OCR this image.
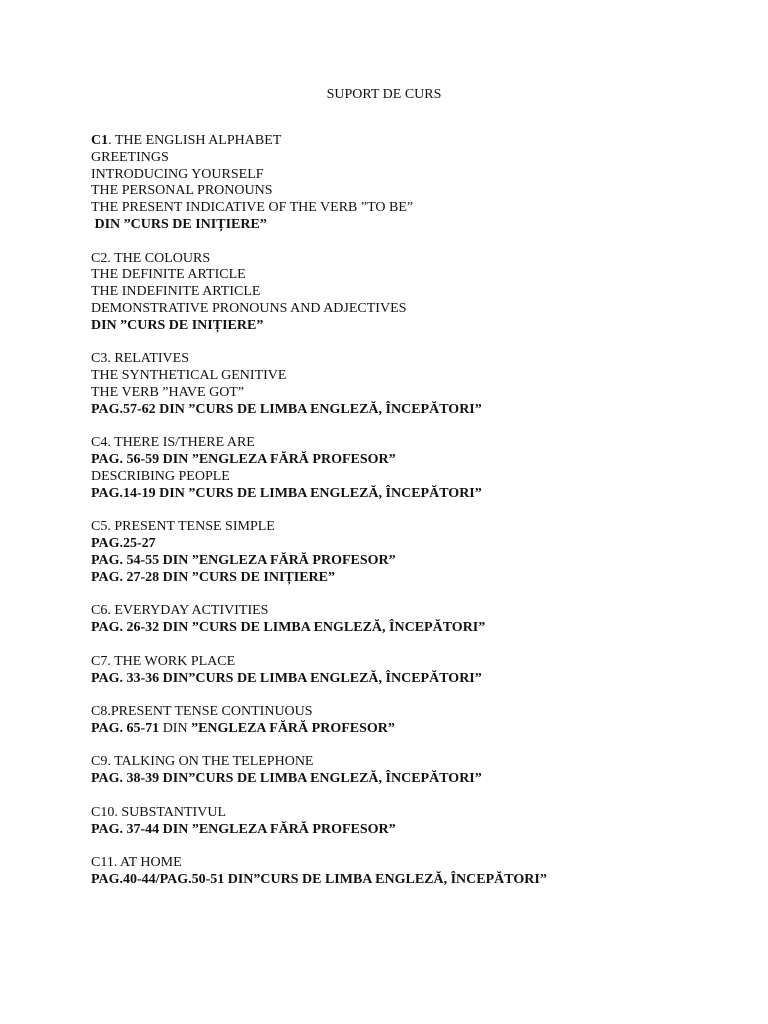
SUPORT DE CURS
C1. THE ENGLISH ALPHABET
GREETINGS
INTRODUCING YOURSELF
THE PERSONAL PRONOUNS
THE PRESENT INDICATIVE OF THE VERB ”TO BE”
DIN ”CURS DE INIȚIERE”
C2. THE COLOURS
THE DEFINITE ARTICLE
THE INDEFINITE ARTICLE
DEMONSTRATIVE PRONOUNS AND ADJECTIVES
DIN ”CURS DE INIȚIERE”
C3. RELATIVES
THE SYNTHETICAL GENITIVE
THE VERB ”HAVE GOT”
PAG.57-62 DIN ”CURS DE LIMBA ENGLEZĂ, ÎNCEPĂTORI”
C4. THERE IS/THERE ARE
PAG. 56-59 DIN ”ENGLEZA FĂRĂ PROFESOR”
DESCRIBING PEOPLE
PAG.14-19 DIN ”CURS DE LIMBA ENGLEZĂ, ÎNCEPĂTORI”
C5. PRESENT TENSE SIMPLE
PAG.25-27
PAG. 54-55 DIN ”ENGLEZA FĂRĂ PROFESOR”
PAG. 27-28 DIN ”CURS DE INIȚIERE”
C6. EVERYDAY ACTIVITIES
PAG. 26-32 DIN ”CURS DE LIMBA ENGLEZĂ, ÎNCEPĂTORI”
C7. THE WORK PLACE
PAG. 33-36 DIN”CURS DE LIMBA ENGLEZĂ, ÎNCEPĂTORI”
C8.PRESENT TENSE CONTINUOUS
PAG. 65-71 DIN ”ENGLEZA FĂRĂ PROFESOR”
C9. TALKING ON THE TELEPHONE
PAG. 38-39 DIN”CURS DE LIMBA ENGLEZĂ, ÎNCEPĂTORI”
C10. SUBSTANTIVUL
PAG. 37-44 DIN ”ENGLEZA FĂRĂ PROFESOR”
C11. AT HOME
PAG.40-44/PAG.50-51 DIN”CURS DE LIMBA ENGLEZĂ, ÎNCEPĂTORI”
